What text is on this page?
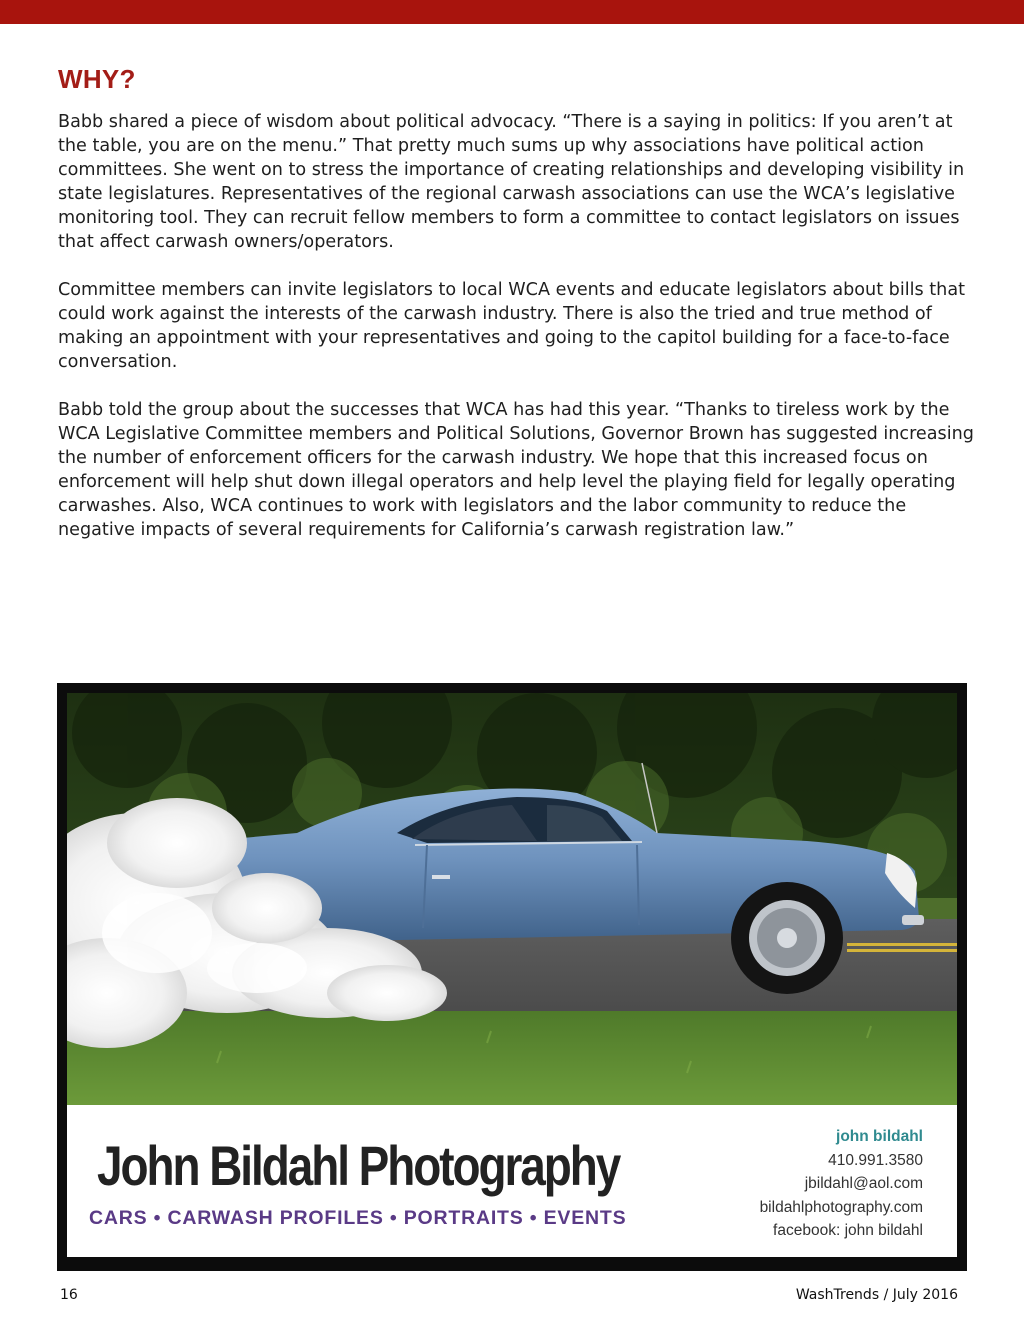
WHY?

Babb shared a piece of wisdom about political advocacy. “There is a saying in politics: If you aren’t at the table, you are on the menu.” That pretty much sums up why associations have political action committees. She went on to stress the importance of creating relationships and developing visibility in state legislatures. Representatives of the regional carwash associations can use the WCA’s legislative monitoring tool. They can recruit fellow members to form a committee to contact legislators on issues that affect carwash owners/operators.

Committee members can invite legislators to local WCA events and educate legislators about bills that could work against the interests of the carwash industry. There is also the tried and true method of making an appointment with your representatives and going to the capitol building for a face-to-face conversation.

Babb told the group about the successes that WCA has had this year. “Thanks to tireless work by the WCA Legislative Committee members and Political Solutions, Governor Brown has suggested increasing the number of enforcement officers for the carwash industry. We hope that this increased focus on enforcement will help shut down illegal operators and help level the playing field for legally operating carwashes. Also, WCA continues to work with legislators and the labor community to reduce the negative impacts of several requirements for California’s carwash registration law.”

John Bildahl Photography

CARS • CARWASH PROFILES • PORTRAITS • EVENTS

john bildahl
410.991.3580
jbildahl@aol.com
bildahlphotography.com
facebook: john bildahl
16	WashTrends / July 2016
